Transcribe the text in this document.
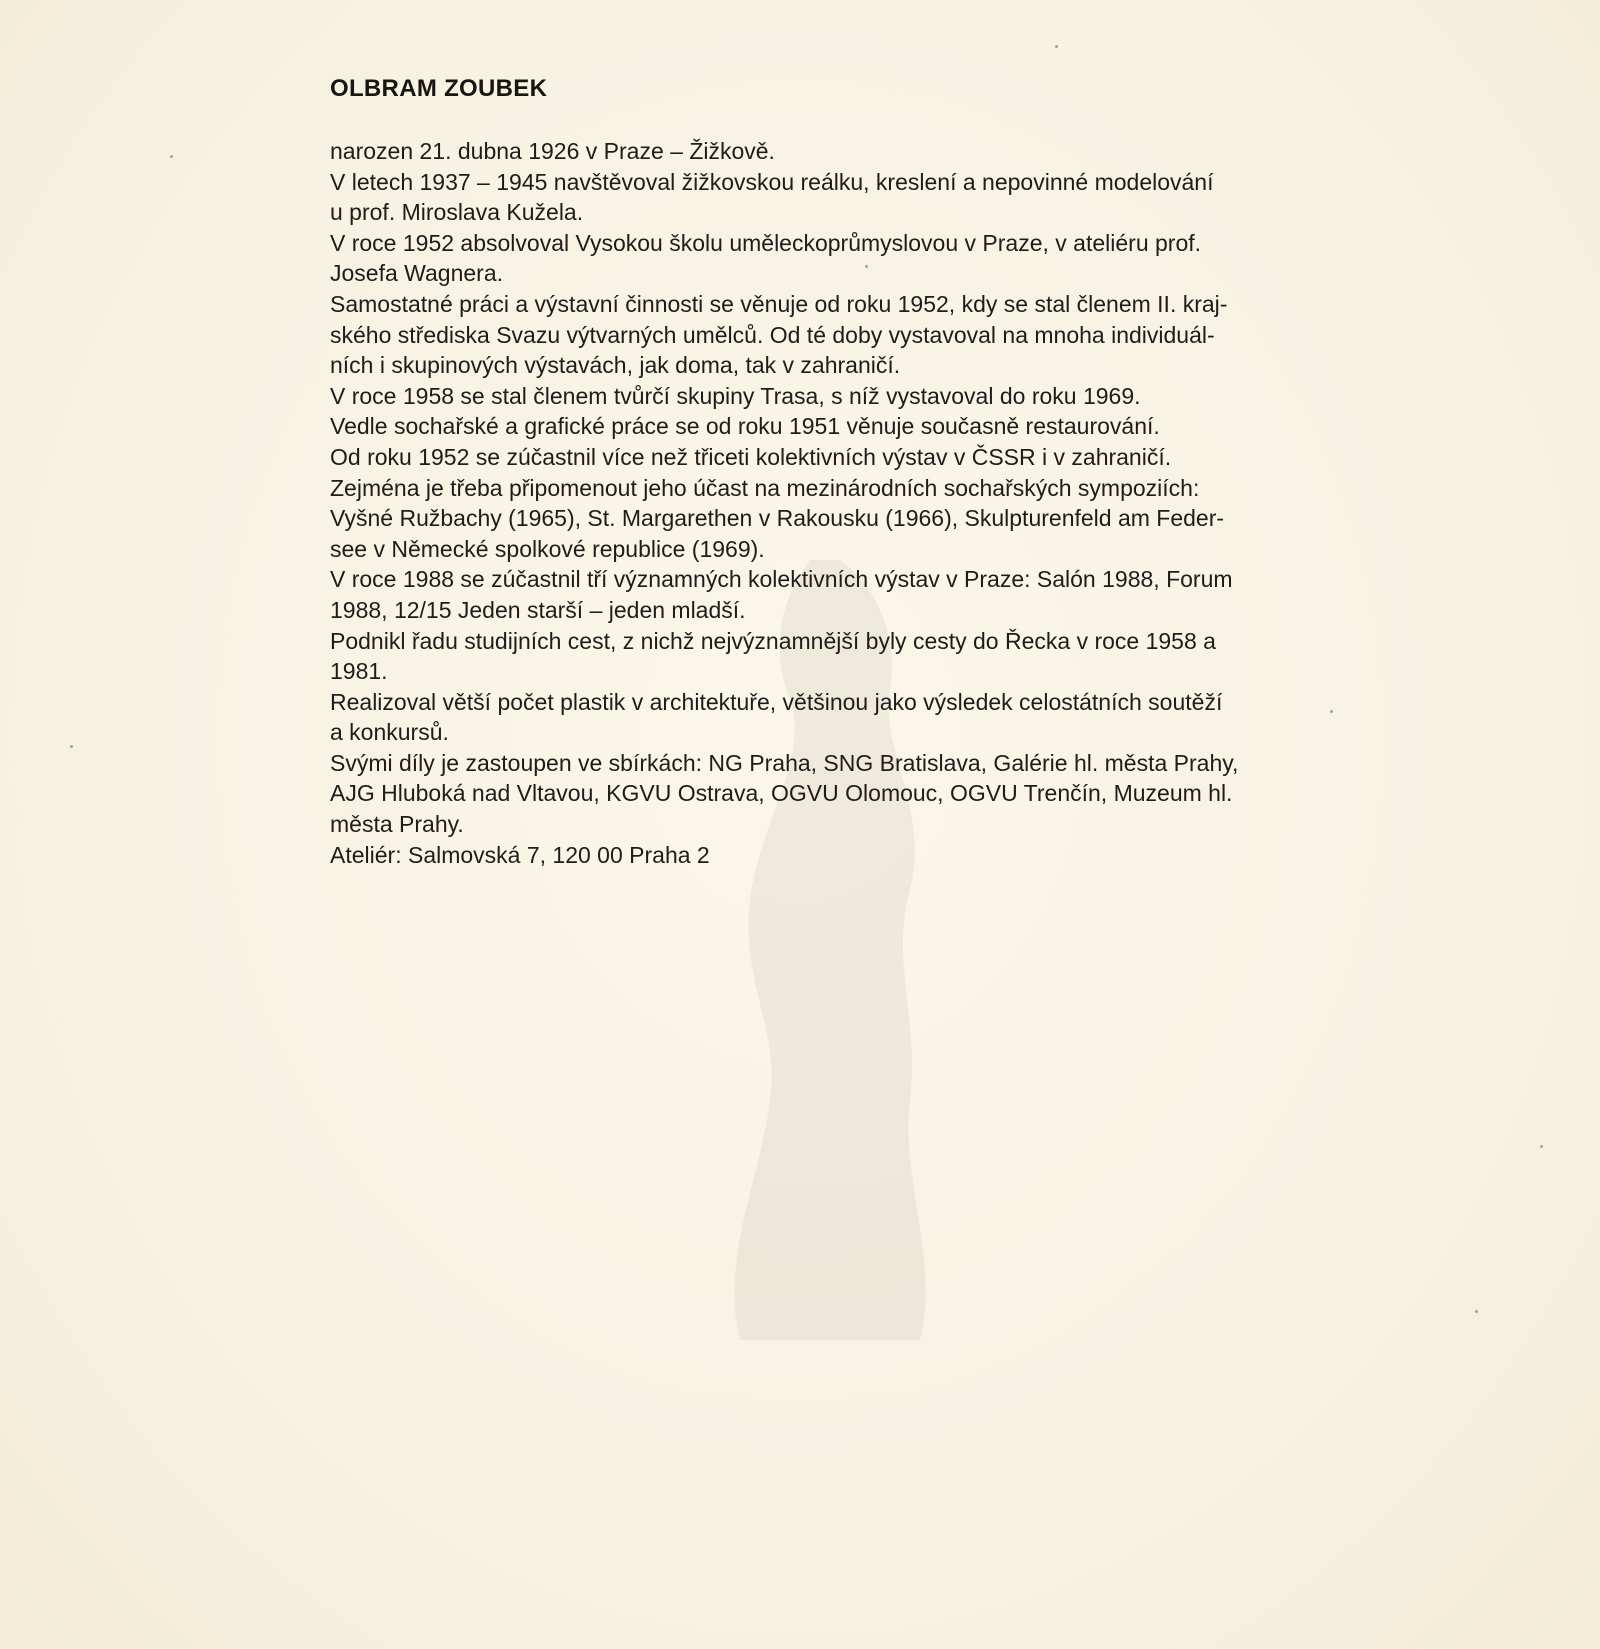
OLBRAM ZOUBEK
narozen 21. dubna 1926 v Praze – Žižkově.
V letech 1937 – 1945 navštěvoval žižkovskou reálku, kreslení a nepovinné modelování
u prof. Miroslava Kužela.
V roce 1952 absolvoval Vysokou školu uměleckoprůmyslovou v Praze, v ateliéru prof.
Josefa Wagnera.
Samostatné práci a výstavní činnosti se věnuje od roku 1952, kdy se stal členem II. kraj-
ského střediska Svazu výtvarných umělců. Od té doby vystavoval na mnoha individuál-
ních i skupinových výstavách, jak doma, tak v zahraničí.
V roce 1958 se stal členem tvůrčí skupiny Trasa, s níž vystavoval do roku 1969.
Vedle sochařské a grafické práce se od roku 1951 věnuje současně restaurování.
Od roku 1952 se zúčastnil více než třiceti kolektivních výstav v ČSSR i v zahraničí.
Zejména je třeba připomenout jeho účast na mezinárodních sochařských sympoziích:
Vyšné Ružbachy (1965), St. Margarethen v Rakousku (1966), Skulpturenfeld am Feder-
see v Německé spolkové republice (1969).
V roce 1988 se zúčastnil tří významných kolektivních výstav v Praze: Salón 1988, Forum
1988, 12/15 Jeden starší – jeden mladší.
Podnikl řadu studijních cest, z nichž nejvýznamnější byly cesty do Řecka v roce 1958 a
1981.
Realizoval větší počet plastik v architektuře, většinou jako výsledek celostátních soutěží
a konkursů.
Svými díly je zastoupen ve sbírkách: NG Praha, SNG Bratislava, Galérie hl. města Prahy,
AJG Hluboká nad Vltavou, KGVU Ostrava, OGVU Olomouc, OGVU Trenčín, Muzeum hl.
města Prahy.
Ateliér: Salmovská 7, 120 00 Praha 2
